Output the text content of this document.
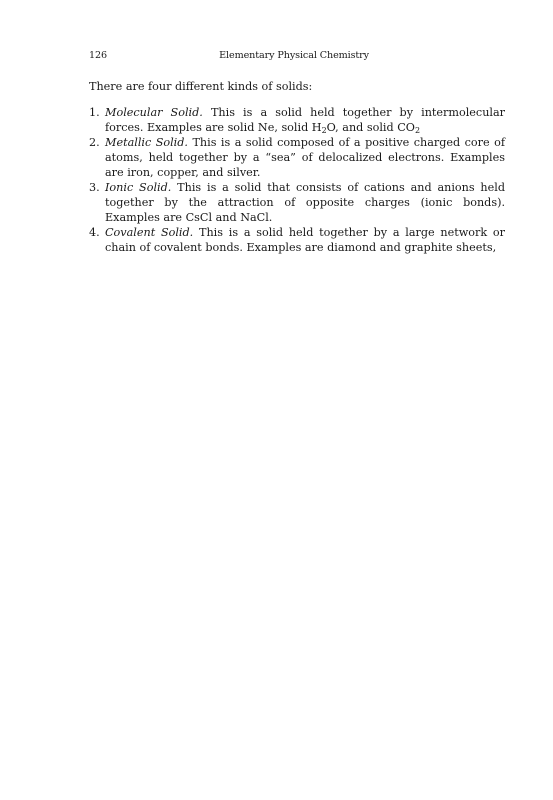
126	Elementary Physical Chemistry

There are four different kinds of solids:

1. Molecular Solid. This is a solid held together by intermolecular forces. Examples are solid Ne, solid $H_2O$, and solid $CO_2$
2. Metallic Solid. This is a solid composed of a positive charged core of atoms, held together by a “sea” of delocalized electrons. Examples are iron, copper, and silver.
3. Ionic Solid. This is a solid that consists of cations and anions held together by the attraction of opposite charges (ionic bonds). Examples are CsCl and NaCl.
4. Covalent Solid. This is a solid held together by a large network or chain of covalent bonds. Examples are diamond and graphite sheets,
